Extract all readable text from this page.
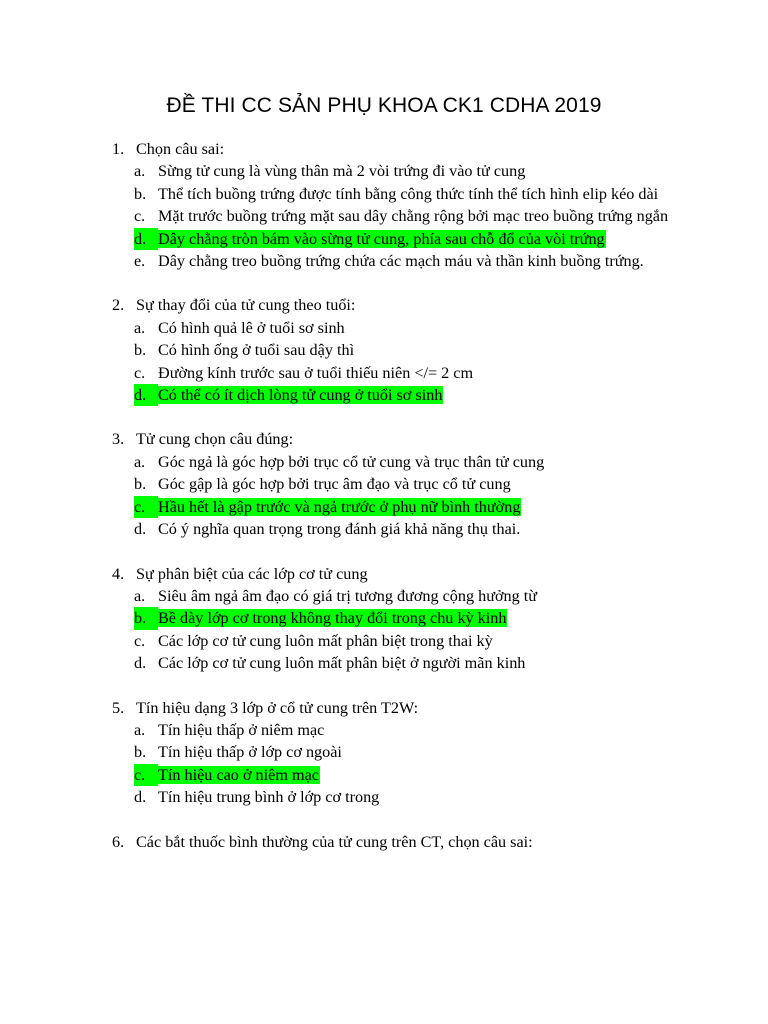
ĐỀ THI CC SẢN PHỤ KHOA CK1 CDHA 2019
1. Chọn câu sai:
a. Sừng tử cung là vùng thân mà 2 vòi trứng đi vào tử cung
b. Thể tích buồng trứng được tính bằng công thức tính thể tích hình elip kéo dài
c. Mặt trước buồng trứng mặt sau dây chằng rộng bởi mạc treo buồng trứng ngắn
d. Dây chằng tròn bám vào sừng tử cung, phía sau chỗ đổ của vòi trứng
e. Dây chằng treo buồng trứng chứa các mạch máu và thần kinh buồng trứng.
2. Sự thay đổi của tử cung theo tuổi:
a. Có hình quả lê ở tuổi sơ sinh
b. Có hình ống ở tuổi sau dậy thì
c. Đường kính trước sau ở tuổi thiếu niên </= 2 cm
d. Có thể có ít dịch lòng tử cung ở tuổi sơ sinh
3. Tử cung chọn câu đúng:
a. Góc ngả là góc hợp bởi trục cổ tử cung và trục thân tử cung
b. Góc gập là góc hợp bởi trục âm đạo và trục cổ tử cung
c. Hầu hết là gập trước và ngả trước ở phụ nữ bình thường
d. Có ý nghĩa quan trọng trong đánh giá khả năng thụ thai.
4. Sự phân biệt của các lớp cơ tử cung
a. Siêu âm ngả âm đạo có giá trị tương đương cộng hưởng từ
b. Bề dày lớp cơ trong không thay đổi trong chu kỳ kinh
c. Các lớp cơ tử cung luôn mất phân biệt trong thai kỳ
d. Các lớp cơ tử cung luôn mất phân biệt ở người mãn kinh
5. Tín hiệu dạng 3 lớp ở cổ tử cung trên T2W:
a. Tín hiệu thấp ở niêm mạc
b. Tín hiệu thấp ở lớp cơ ngoài
c. Tín hiệu cao ở niêm mạc
d. Tín hiệu trung bình ở lớp cơ trong
6. Các bắt thuốc bình thường của tử cung trên CT, chọn câu sai:
